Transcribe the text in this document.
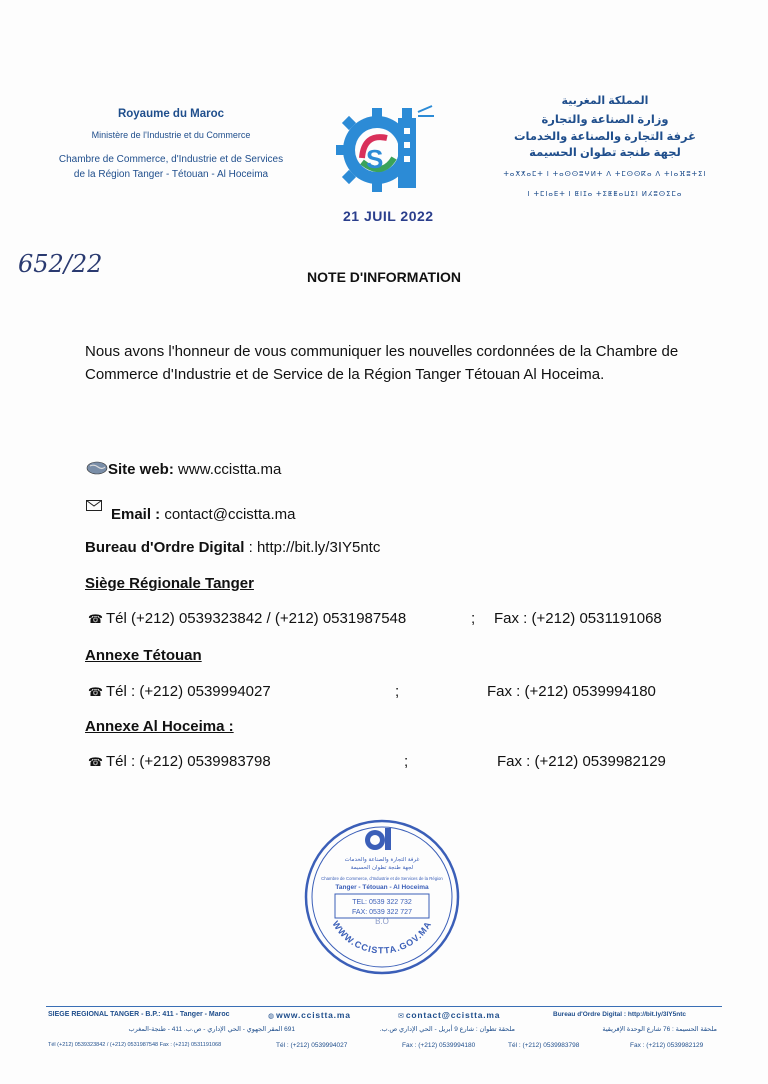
Royaume du Maroc
Ministère de l'Industrie et du Commerce
Chambre de Commerce, d'Industrie et de Services
de la Région Tanger - Tétouan - Al Hoceima
S
21 JUIL 2022
المملكة المغربية
وزارة الصناعة والتجارة
غرفة التجارة والصناعة والخدمات
لجهة طنجة تطوان الحسيمة
ⵜⴰⵅⵅⴰⵎⵜ ⵏ ⵜⴰⵙⵙⵓⵖⵍⵜ ⴷ ⵜⵎⵙⵙⴽⴰ ⴷ ⵜⵏⴰⴼⵓⵜⵉⵏ
ⵏ ⵜⵎⵏⴰⴹⵜ ⵏ ⵟⵏⵊⴰ ⵜⵉⵟⵟⴰⵡⵉⵏ ⵍⵃⵓⵙⵉⵎⴰ
652/22	NOTE D'INFORMATION
Nous avons l'honneur de vous communiquer les nouvelles cordonnées de la Chambre de Commerce d'Industrie et de Service de la Région Tanger Tétouan Al Hoceima.
Site web: www.ccistta.ma
Email : contact@ccistta.ma
Bureau d'Ordre Digital : http://bit.ly/3IY5ntc
Siège Régionale Tanger
☎ Tél (+212) 0539323842 / (+212) 0531987548	; Fax : (+212) 0531191068
Annexe Tétouan
☎ Tél : (+212) 0539994027	;	Fax : (+212) 0539994180
Annexe Al Hoceima :
☎ Tél : (+212) 0539983798	;	Fax : (+212) 0539982129
غرفة التجارة والصناعة والخدمات
لجهة طنجة تطوان الحسيمة
Chambre de Commerce, d'Industrie et de Services de la Région
Tanger - Tétouan - Al Hoceima
TEL: 0539 322 732
FAX: 0539 322 727
B.O
WWW.CCISTTA.GOV.MA
SIEGE REGIONAL TANGER - B.P.: 411 - Tanger - Maroc	◍ www.ccistta.ma	✉ contact@ccistta.ma	Bureau d'Ordre Digital : http://bit.ly/3IY5ntc
691 المقر الجهوي - الحي الإداري - ص.ب. 411 - طنجة-المغرب	ملحقة تطوان : شارع 9 أبريل - الحي الإداري ص.ب.	ملحقة الحسيمة : 76 شارع الوحدة الإفريقية
Tél (+212) 0539323842 / (+212) 0531987548 Fax : (+212) 0531191068	Tél : (+212) 0539994027	Fax : (+212) 0539994180	Tél : (+212) 0539983798	Fax : (+212) 0539982129
